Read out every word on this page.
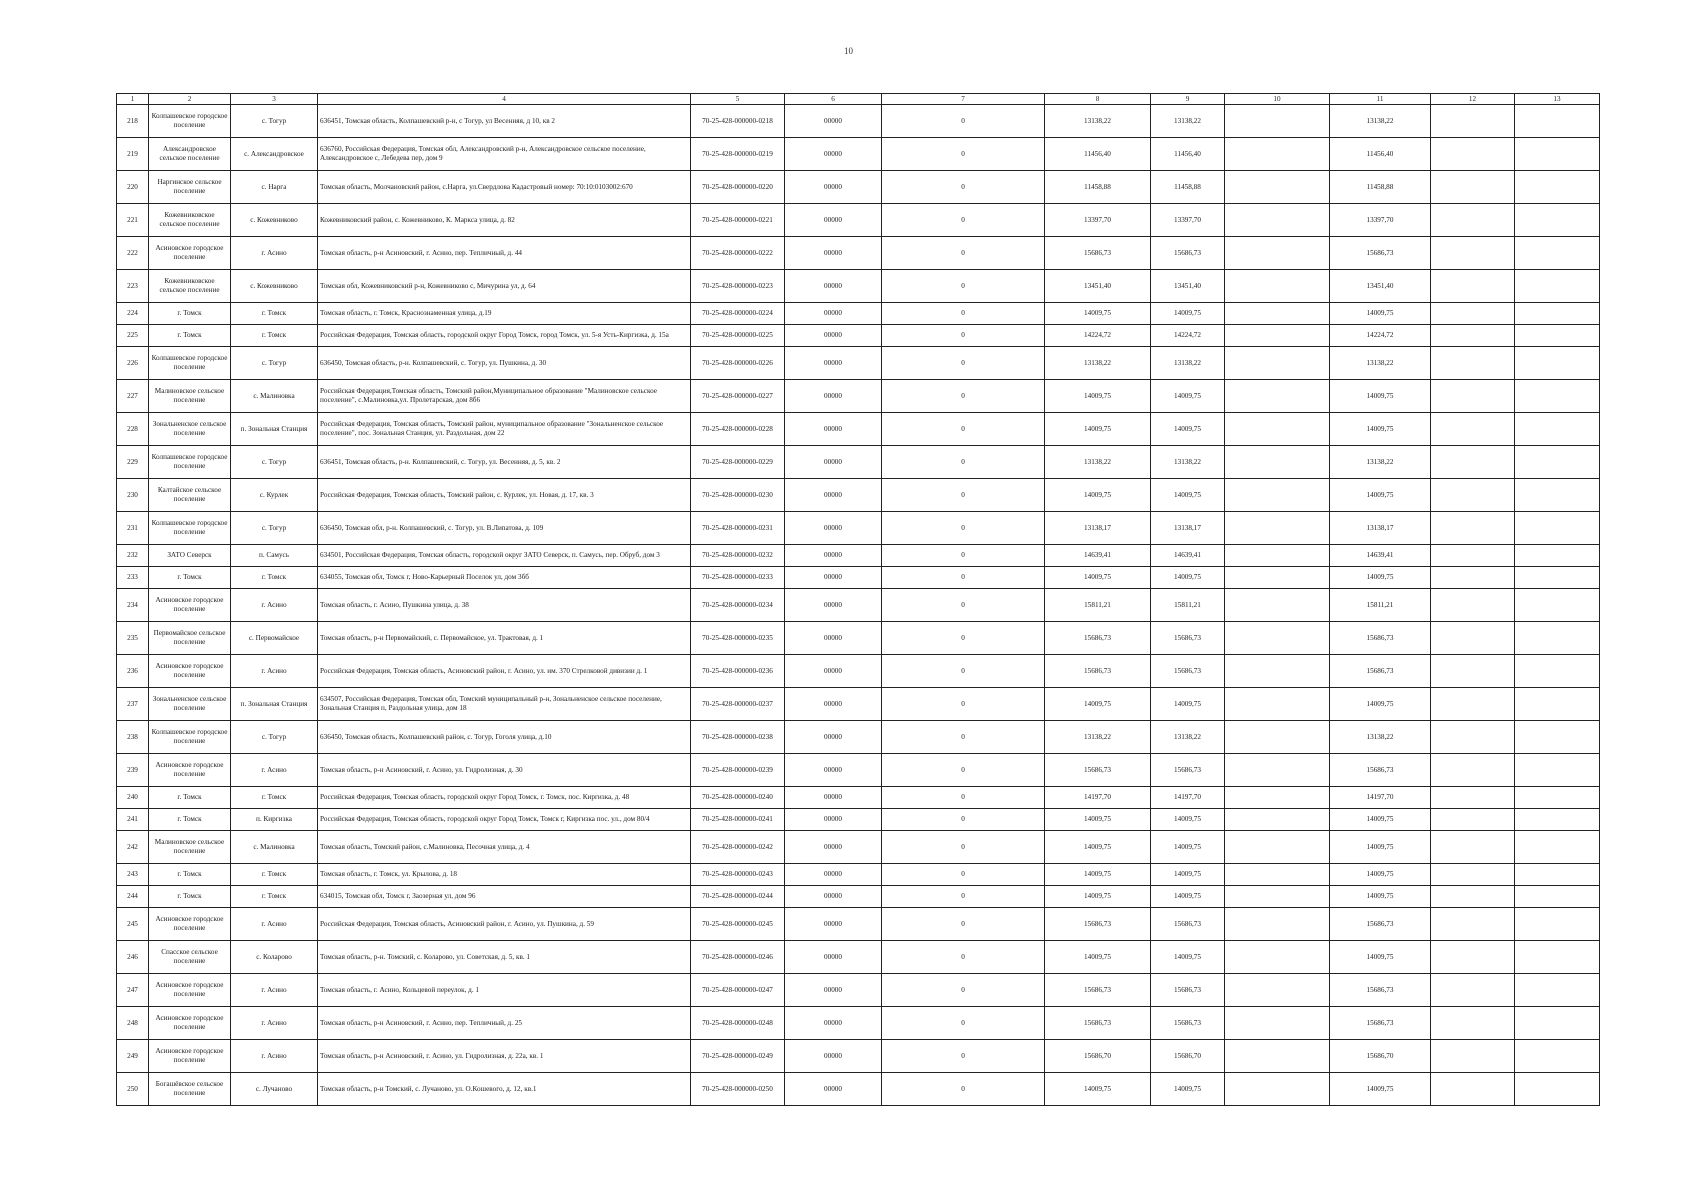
10
1	2	3	4	5	6	7	8	9	10	11	12	13
218	Колпашевское городское поселение	с. Тогур	636451, Томская область, Колпашевский р-н, с Тогур, ул Весенняя, д 10, кв 2	70-25-428-000000-0218	00000	0	13138,22	13138,22		13138,22		
219	Александровское сельское поселение	с. Александровское	636760, Российская Федерация, Томская обл, Александровский р-н, Александровское сельское поселение, Александровское с, Лебедева пер, дом 9	70-25-428-000000-0219	00000	0	11456,40	11456,40		11456,40		
220	Наргинское сельское поселение	с. Нарга	Томская область, Молчановский район, с.Нарга, ул.Свердлова Кадастровый номер: 70:10:0103002:670	70-25-428-000000-0220	00000	0	11458,88	11458,88		11458,88		
221	Кожевниковское сельское поселение	с. Кожевниково	Кожевниковский район, с. Кожевниково, К. Маркса улица, д. 82	70-25-428-000000-0221	00000	0	13397,70	13397,70		13397,70		
222	Асиновское городское поселение	г. Асино	Томская область, р-н Асиновский, г. Асино, пер. Тепличный, д. 44	70-25-428-000000-0222	00000	0	15686,73	15686,73		15686,73		
223	Кожевниковское сельское поселение	с. Кожевниково	Томская обл, Кожевниковский р-н, Кожевниково с, Мичурина ул, д. 64	70-25-428-000000-0223	00000	0	13451,40	13451,40		13451,40		
224	г. Томск	г. Томск	Томская область, г. Томск, Краснознаменная улица, д.19	70-25-428-000000-0224	00000	0	14009,75	14009,75		14009,75		
225	г. Томск	г. Томск	Российская Федерация, Томская область, городской округ Город Томск, город Томск, ул. 5-я Усть-Киргизка, д. 15а	70-25-428-000000-0225	00000	0	14224,72	14224,72		14224,72		
226	Колпашевское городское поселение	с. Тогур	636450, Томская область, р-н. Колпашевский, с. Тогур, ул. Пушкина, д. 30	70-25-428-000000-0226	00000	0	13138,22	13138,22		13138,22		
227	Малиновское сельское поселение	с. Малиновка	Российская Федерация,Томская область, Томский район,Муниципальное образование "Малиновское сельское поселение", с.Малиновка,ул. Пролетарская, дом 8б6	70-25-428-000000-0227	00000	0	14009,75	14009,75		14009,75		
228	Зональненское сельское поселение	п. Зональная Станция	Российская Федерация, Томская область, Томский район, муниципальное образование "Зональненское сельское поселение", пос. Зональная Станция, ул. Раздольная, дом 22	70-25-428-000000-0228	00000	0	14009,75	14009,75		14009,75		
229	Колпашевское городское поселение	с. Тогур	636451, Томская область, р-н. Колпашевский, с. Тогур, ул. Весенняя, д. 5, кв. 2	70-25-428-000000-0229	00000	0	13138,22	13138,22		13138,22		
230	Калтайское сельское поселение	с. Курлек	Российская Федерация, Томская область, Томский район, с. Курлек, ул. Новая, д. 17, кв. 3	70-25-428-000000-0230	00000	0	14009,75	14009,75		14009,75		
231	Колпашевское городское поселение	с. Тогур	636450, Томская обл, р-н. Колпашевский, с. Тогур, ул. В.Лиnатова, д. 109	70-25-428-000000-0231	00000	0	13138,17	13138,17		13138,17		
232	ЗАТО Северск	п. Самусь	634501, Российская Федерация, Томская область, городской округ ЗАТО Северск, п. Самусь, пер. Обруб, дом 3	70-25-428-000000-0232	00000	0	14639,41	14639,41		14639,41		
233	г. Томск	г. Томск	634055, Томская обл, Томск г, Ново-Карьерный Поселок ул, дом 3бб	70-25-428-000000-0233	00000	0	14009,75	14009,75		14009,75		
234	Асиновское городское поселение	г. Асино	Томская область, г. Асино, Пушкина улица, д. 38	70-25-428-000000-0234	00000	0	15811,21	15811,21		15811,21		
235	Первомайское сельское поселение	с. Первомайское	Томская область, р-н Первомайский, с. Первомайское, ул. Трактовая, д. 1	70-25-428-000000-0235	00000	0	15686,73	15686,73		15686,73		
236	Асиновское городское поселение	г. Асино	Российская Федерация, Томская область, Асиновский район, г. Асино, ул. им. 370 Стрелковой дивизии д. 1	70-25-428-000000-0236	00000	0	15686,73	15686,73		15686,73		
237	Зональненское сельское поселение	п. Зональная Станция	634507, Российская Федерация, Томская обл, Томский муниципальный р-н, Зональненское сельское поселение, Зональная Станция п, Раздольная улица, дом 18	70-25-428-000000-0237	00000	0	14009,75	14009,75		14009,75		
238	Колпашевское городское поселение	с. Тогур	636450, Томская область, Колпашевский район, с. Тогур, Гоголя улица, д.10	70-25-428-000000-0238	00000	0	13138,22	13138,22		13138,22		
239	Асиновское городское поселение	г. Асино	Томская область, р-н Асиновский, г. Асино, ул. Гидролизная, д. 30	70-25-428-000000-0239	00000	0	15686,73	15686,73		15686,73		
240	г. Томск	г. Томск	Российская Федерация, Томская область, городской округ Город Томск, г. Томск, пос. Киргизка, д. 48	70-25-428-000000-0240	00000	0	14197,70	14197,70		14197,70		
241	г. Томск	п. Киргизка	Российская Федерация, Томская область, городской округ Город Томск, Томск г, Киргизка пос. ул., дом 80/4	70-25-428-000000-0241	00000	0	14009,75	14009,75		14009,75		
242	Малиновское сельское поселение	с. Малиновка	Томская область, Томский район, с.Малиновка, Песочная улица, д. 4	70-25-428-000000-0242	00000	0	14009,75	14009,75		14009,75		
243	г. Томск	г. Томск	Томская область, г. Томск, ул. Крылова, д. 18	70-25-428-000000-0243	00000	0	14009,75	14009,75		14009,75		
244	г. Томск	г. Томск	634015, Томская обл, Томск г, Заозерная ул, дом 96	70-25-428-000000-0244	00000	0	14009,75	14009,75		14009,75		
245	Асиновское городское поселение	г. Асино	Российская Федерация, Томская область, Асиновский район, г. Асино, ул. Пушкина, д. 59	70-25-428-000000-0245	00000	0	15686,73	15686,73		15686,73		
246	Спасское сельское поселение	с. Коларово	Томская область, р-н. Томский, с. Коларово, ул. Советская, д. 5, кв. 1	70-25-428-000000-0246	00000	0	14009,75	14009,75		14009,75		
247	Асиновское городское поселение	г. Асино	Томская область, г. Асино, Кольцевой переулок, д. 1	70-25-428-000000-0247	00000	0	15686,73	15686,73		15686,73		
248	Асиновское городское поселение	г. Асино	Томская область, р-н Асиновский, г. Асино, пер. Тепличный, д. 25	70-25-428-000000-0248	00000	0	15686,73	15686,73		15686,73		
249	Асиновское городское поселение	г. Асино	Томская область, р-н Асиновский, г. Асино, ул. Гидролизная, д. 22а, кв. 1	70-25-428-000000-0249	00000	0	15686,70	15686,70		15686,70		
250	Богашёвское сельское поселение	с. Лучаново	Томская область, р-н Томский, с. Лучаново, ул. О.Кошевого, д. 12, кв.1	70-25-428-000000-0250	00000	0	14009,75	14009,75		14009,75		
